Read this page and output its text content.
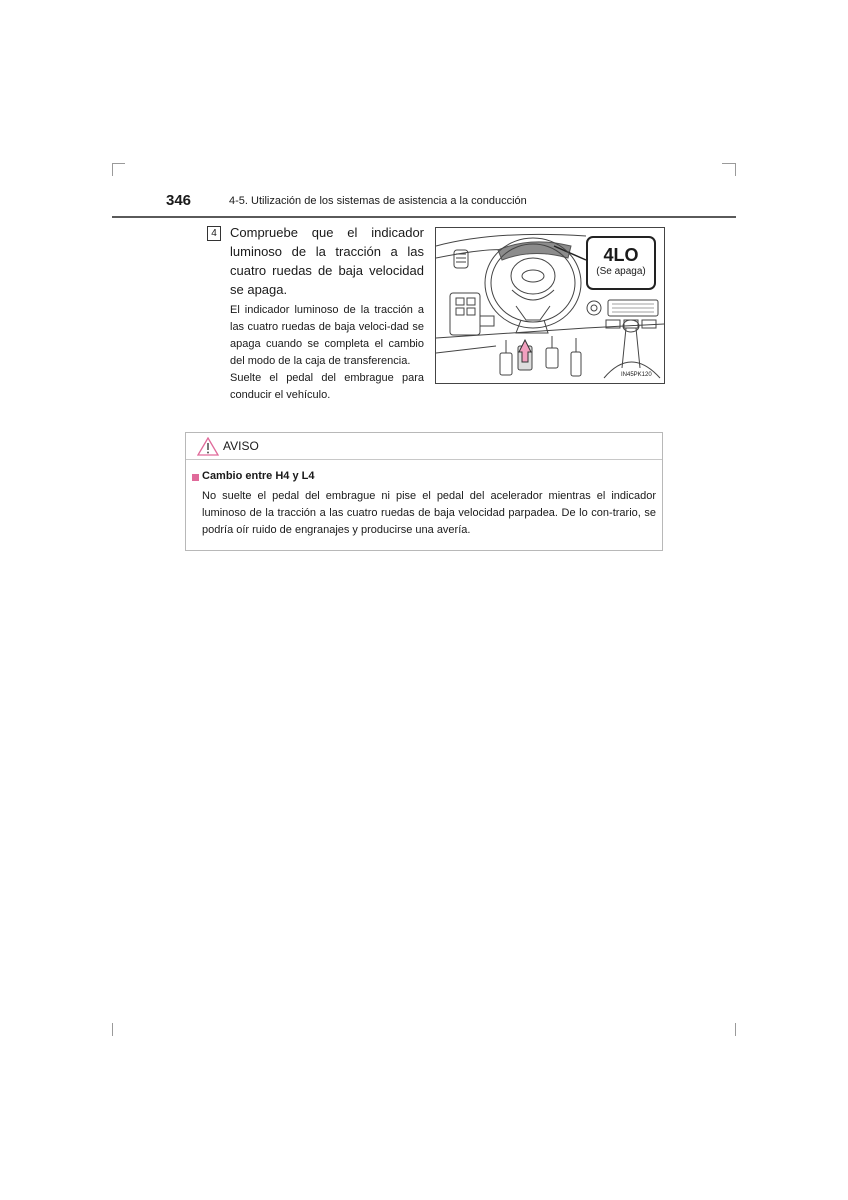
346	4-5. Utilización de los sistemas de asistencia a la conducción
4	Compruebe que el indicador luminoso de la tracción a las cuatro ruedas de baja velocidad se apaga.

El indicador luminoso de la tracción a las cuatro ruedas de baja veloci-dad se apaga cuando se completa el cambio del modo de la caja de transferencia.
Suelte el pedal del embrague para conducir el vehículo.
4LO
(Se apaga)
IN45PK120
AVISO
Cambio entre H4 y L4

No suelte el pedal del embrague ni pise el pedal del acelerador mientras el indicador luminoso de la tracción a las cuatro ruedas de baja velocidad parpadea. De lo con-trario, se podría oír ruido de engranajes y producirse una avería.
